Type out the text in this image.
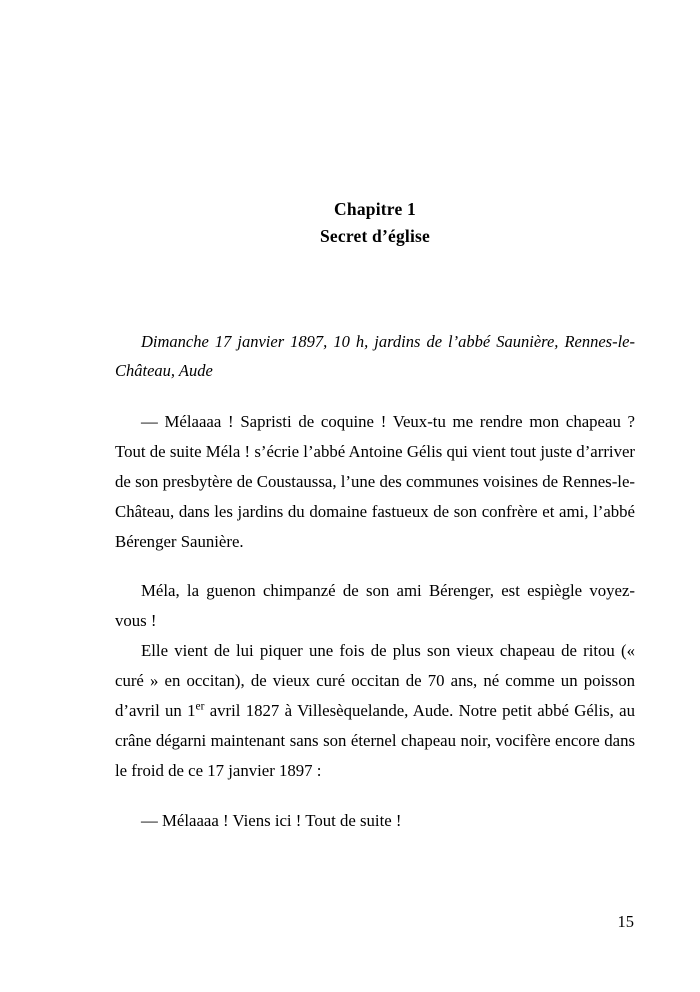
Chapitre 1
Secret d’église
Dimanche 17 janvier 1897, 10 h, jardins de l’abbé Saunière, Rennes-le-Château, Aude

— Mélaaaa ! Sapristi de coquine ! Veux-tu me rendre mon chapeau ? Tout de suite Méla ! s’écrie l’abbé Antoine Gélis qui vient tout juste d’arriver de son presbytère de Coustaussa, l’une des communes voisines de Rennes-le-Château, dans les jardins du domaine fastueux de son confrère et ami, l’abbé Bérenger Saunière.

Méla, la guenon chimpanzé de son ami Bérenger, est espiègle voyez-vous !

Elle vient de lui piquer une fois de plus son vieux chapeau de ritou (« curé » en occitan), de vieux curé occitan de 70 ans, né comme un poisson d’avril un 1er avril 1827 à Villesèquelande, Aude. Notre petit abbé Gélis, au crâne dégarni maintenant sans son éternel chapeau noir, vocifère encore dans le froid de ce 17 janvier 1897 :

— Mélaaaa ! Viens ici ! Tout de suite !

15
